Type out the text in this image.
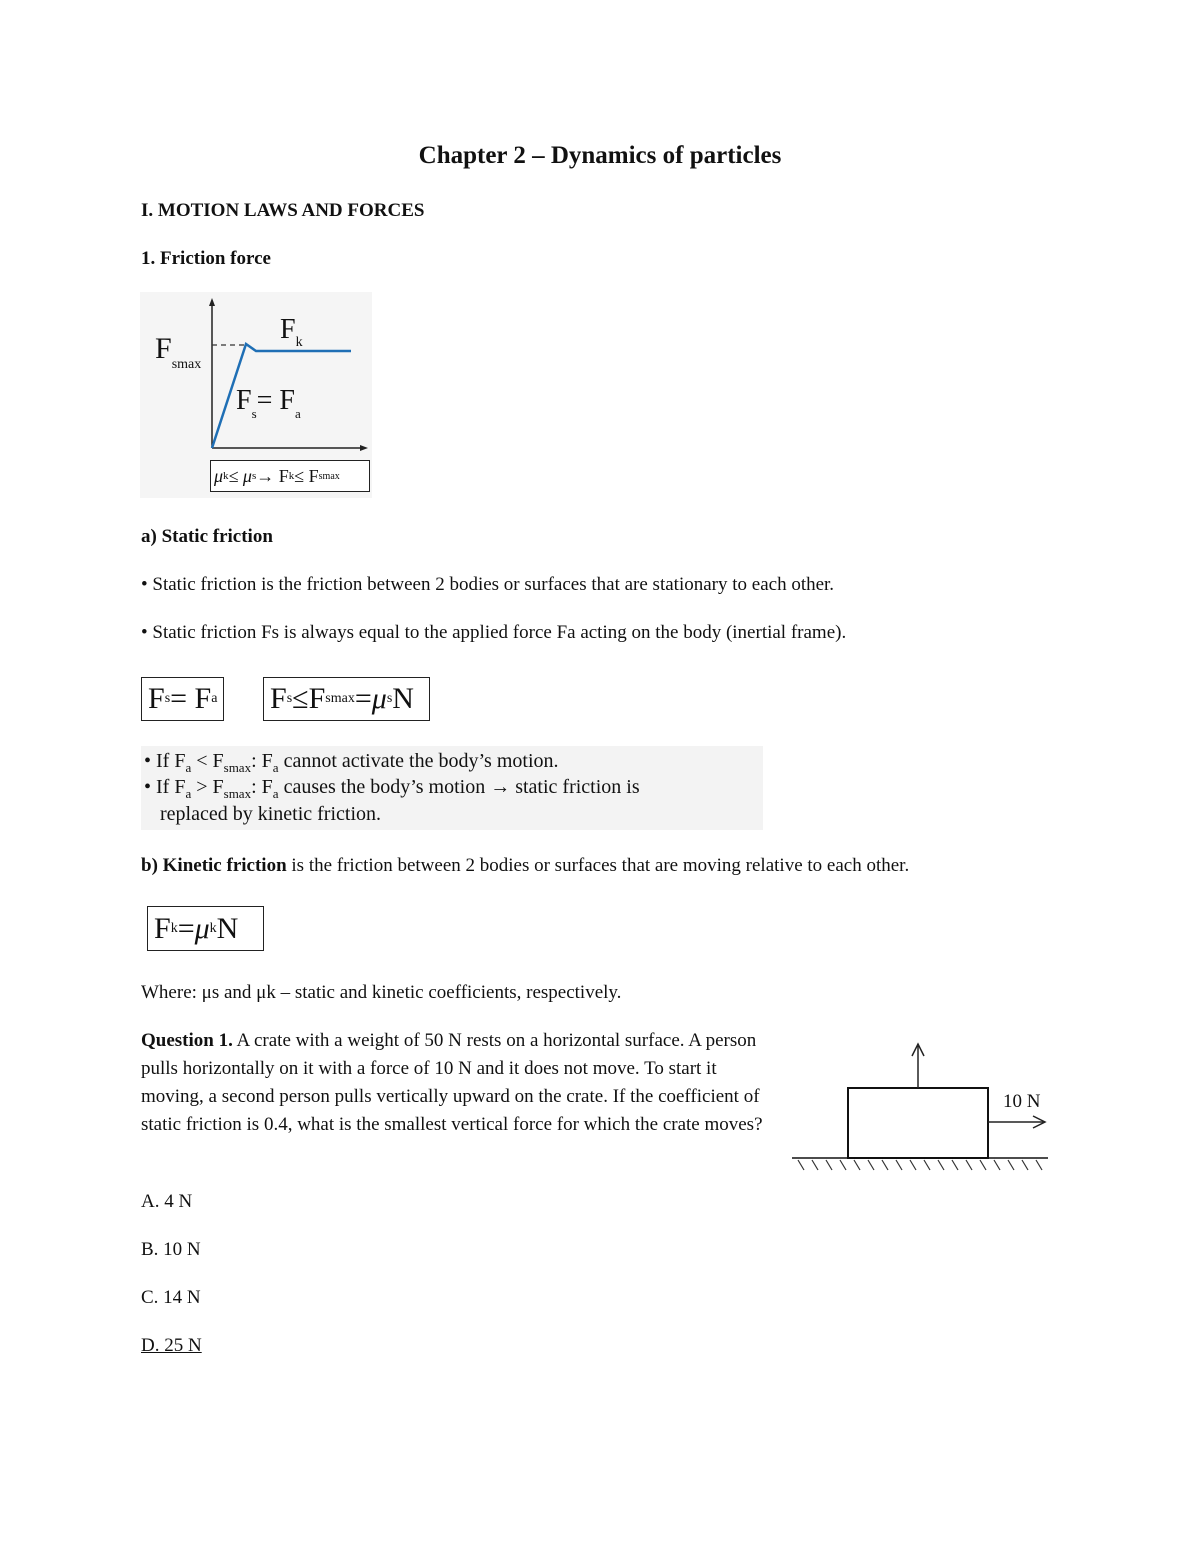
Chapter 2 – Dynamics of particles
I. MOTION LAWS AND FORCES
1. Friction force
$F_{smax}$
$F_k$
$F_s= F_a$
μ k ≤ μ s → F k ≤ F smax
a) Static friction
• Static friction is the friction between 2 bodies or surfaces that are stationary to each other.
• Static friction Fs is always equal to the applied force Fa acting on the body (inertial frame).
F s = F a F s ≤F smax = μ s N
• If $F_a < F_{smax}$: $F_a$ cannot activate the body’s motion.
• If $F_a > F_{smax}$: $F_a$ causes the body’s motion → static friction is
replaced by kinetic friction.
b) Kinetic friction is the friction between 2 bodies or surfaces that are moving relative to each other.
F k = μ k N
Where: μs and μk – static and kinetic coefficients, respectively.
Question 1. A crate with a weight of 50 N rests on a horizontal surface. A person pulls horizontally on it with a force of 10 N and it does not move. To start it moving, a second person pulls vertically upward on the crate. If the coefficient of static friction is 0.4, what is the smallest vertical force for which the crate moves?
10 N
A. 4 N
B. 10 N
C. 14 N
D. 25 N
